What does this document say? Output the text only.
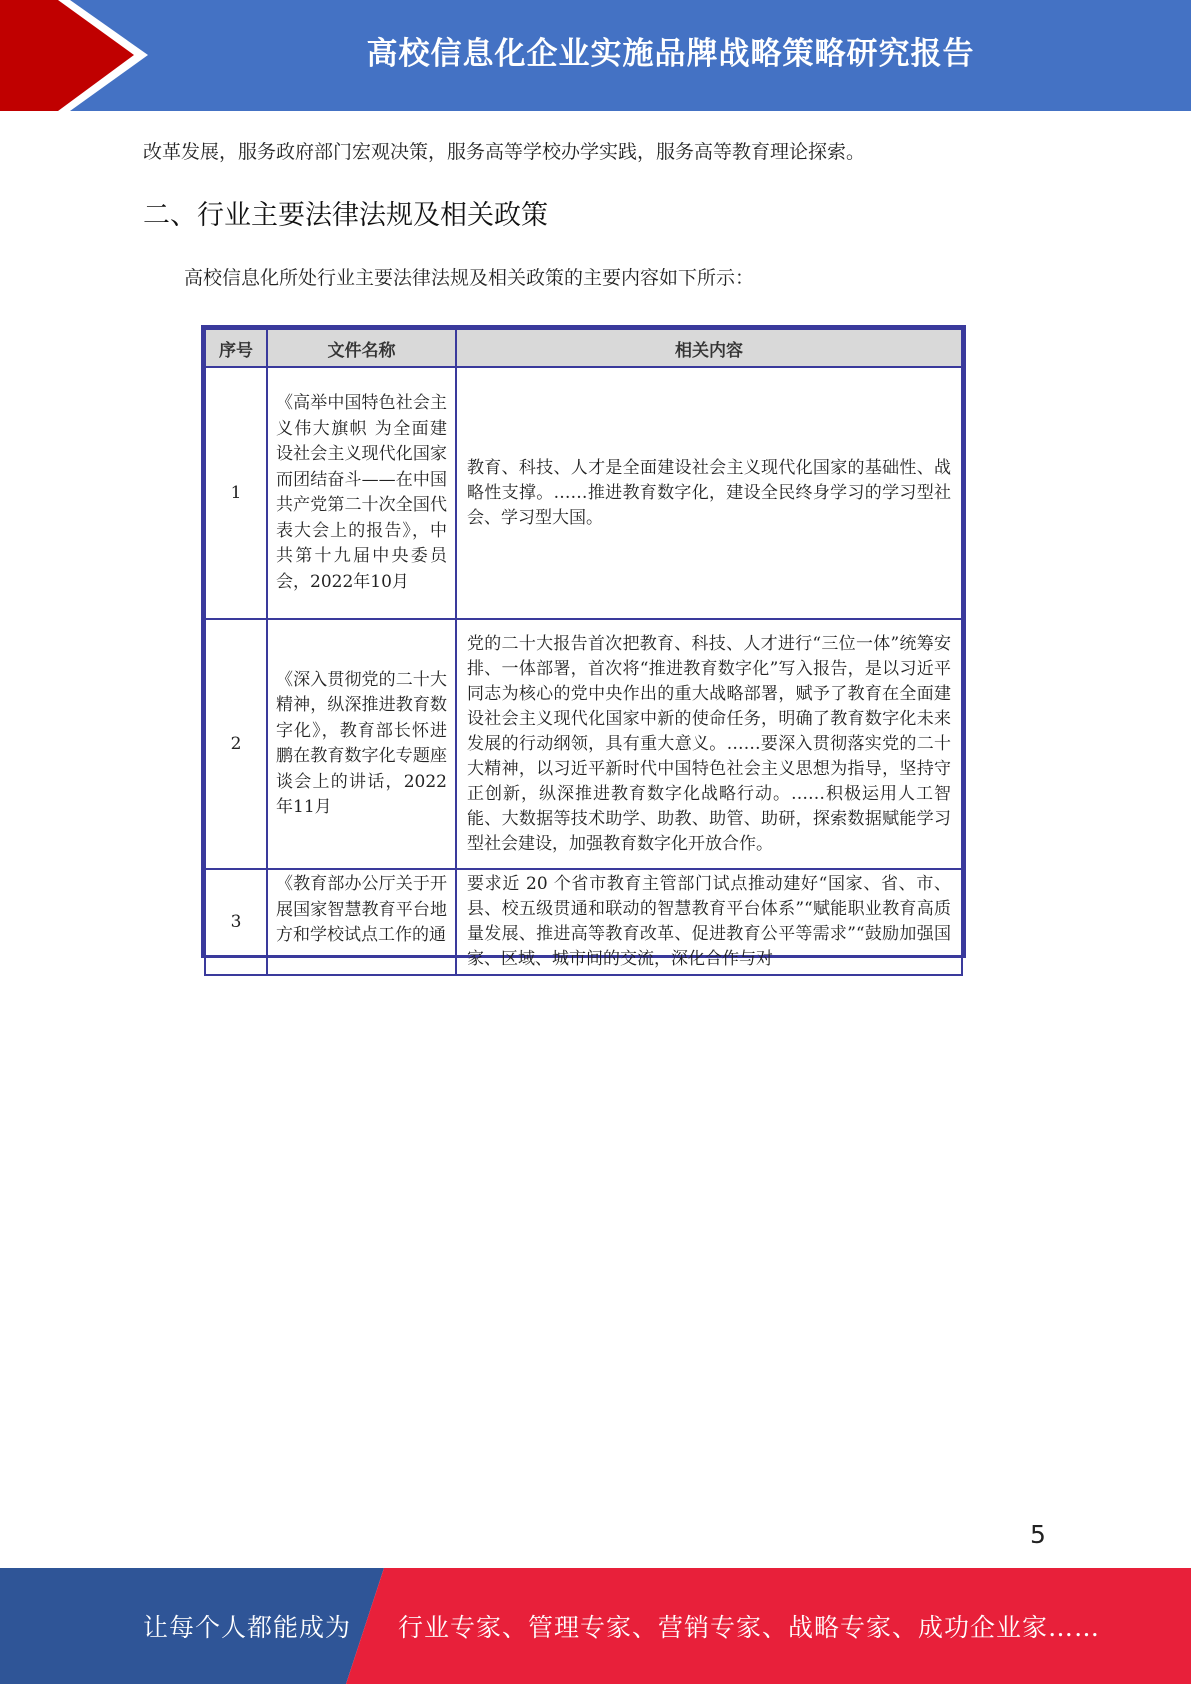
高校信息化企业实施品牌战略策略研究报告
改革发展，服务政府部门宏观决策，服务高等学校办学实践，服务高等教育理论探索。
二、行业主要法律法规及相关政策
高校信息化所处行业主要法律法规及相关政策的主要内容如下所示：
序号	文件名称	相关内容
1	《高举中国特色社会主义伟大旗帜 为全面建设社会主义现代化国家而团结奋斗——在中国共产党第二十次全国代表大会上的报告》，中共第十九届中央委员会，2022年10月	教育、科技、人才是全面建设社会主义现代化国家的基础性、战略性支撑。……推进教育数字化，建设全民终身学习的学习型社会、学习型大国。
2	《深入贯彻党的二十大精神，纵深推进教育数字化》，教育部长怀进鹏在教育数字化专题座谈会上的讲话，2022年11月	党的二十大报告首次把教育、科技、人才进行“三位一体”统筹安排、一体部署，首次将“推进教育数字化”写入报告，是以习近平同志为核心的党中央作出的重大战略部署，赋予了教育在全面建设社会主义现代化国家中新的使命任务，明确了教育数字化未来发展的行动纲领，具有重大意义。……要深入贯彻落实党的二十大精神，以习近平新时代中国特色社会主义思想为指导，坚持守正创新，纵深推进教育数字化战略行动。……积极运用人工智能、大数据等技术助学、助教、助管、助研，探索数据赋能学习型社会建设，加强教育数字化开放合作。
3	《教育部办公厅关于开展国家智慧教育平台地方和学校试点工作的通	要求近 20 个省市教育主管部门试点推动建好“国家、省、市、县、校五级贯通和联动的智慧教育平台体系”“赋能职业教育高质量发展、推进高等教育改革、促进教育公平等需求”“鼓励加强国家、区域、城市间的交流，深化合作与对
5
让每个人都能成为 行业专家、管理专家、营销专家、战略专家、成功企业家……
